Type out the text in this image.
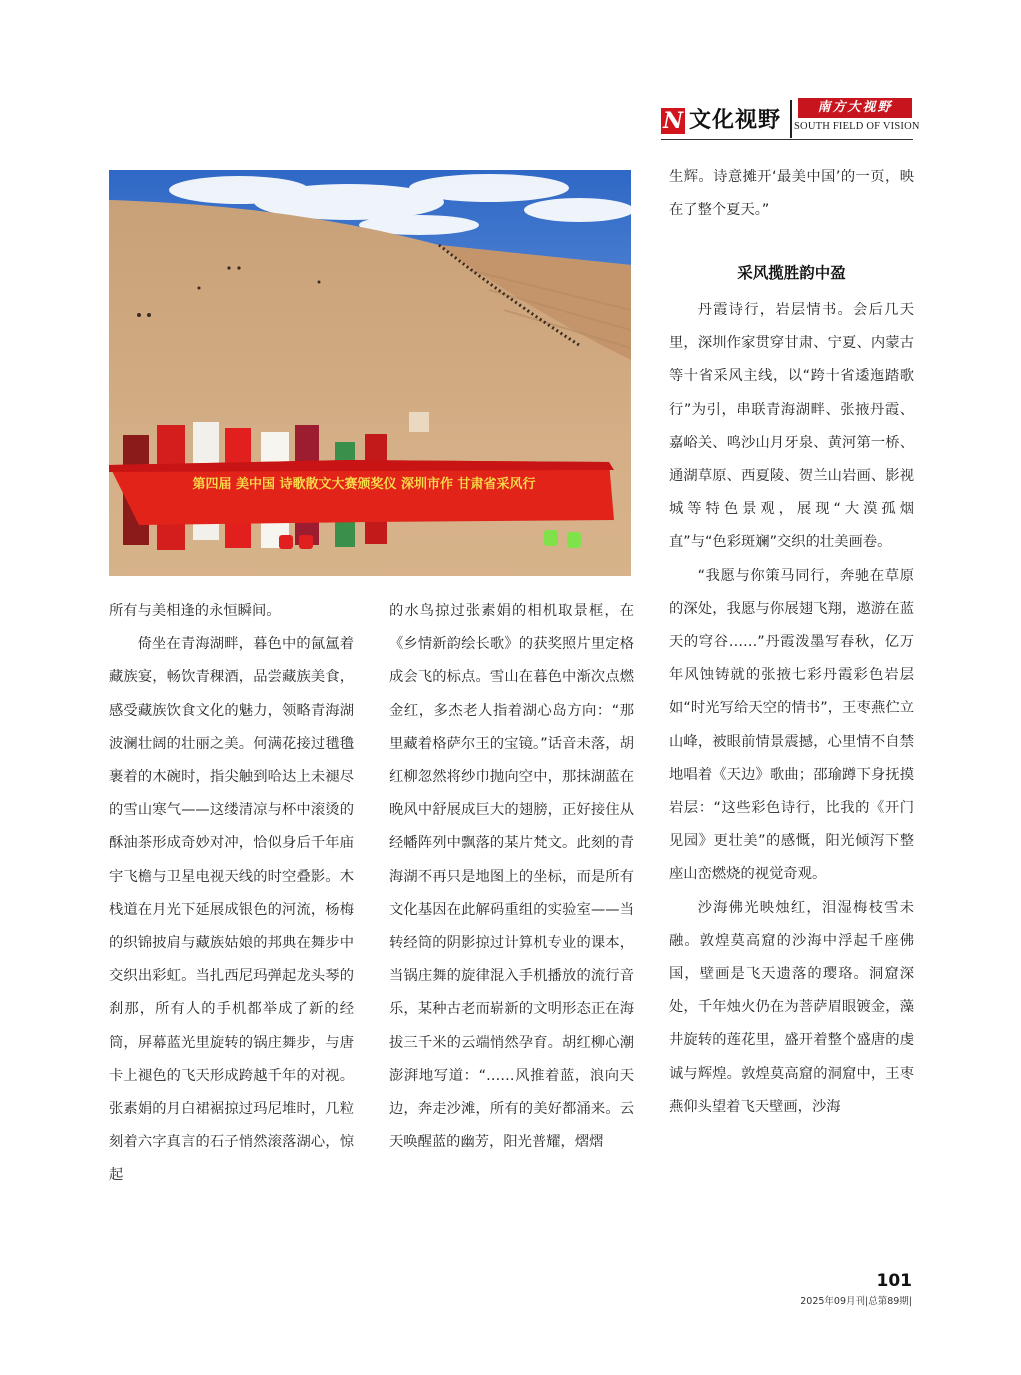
N 文化视野
南方大视野
SOUTH FIELD OF VISION
第四届 美中国 诗歌散文大赛颁奖仪 深圳市作 甘肃省采风行

所有与美相逢的永恒瞬间。

倚坐在青海湖畔，暮色中的氤氲着藏族宴，畅饮青稞酒，品尝藏族美食，感受藏族饮食文化的魅力，领略青海湖波澜壮阔的壮丽之美。何满花接过氆氇裹着的木碗时，指尖触到哈达上未褪尽的雪山寒气——这缕清凉与杯中滚烫的酥油茶形成奇妙对冲，恰似身后千年庙宇飞檐与卫星电视天线的时空叠影。木栈道在月光下延展成银色的河流，杨梅的织锦披肩与藏族姑娘的邦典在舞步中交织出彩虹。当扎西尼玛弹起龙头琴的刹那，所有人的手机都举成了新的经筒，屏幕蓝光里旋转的锅庄舞步，与唐卡上褪色的飞天形成跨越千年的对视。张素娟的月白裙裾掠过玛尼堆时，几粒刻着六字真言的石子悄然滚落湖心，惊起

的水鸟掠过张素娟的相机取景框，在《乡情新韵绘长歌》的获奖照片里定格成会飞的标点。雪山在暮色中渐次点燃金红，多杰老人指着湖心岛方向：“那里藏着格萨尔王的宝镜。”话音未落，胡红柳忽然将纱巾抛向空中，那抹湖蓝在晚风中舒展成巨大的翅膀，正好接住从经幡阵列中飘落的某片梵文。此刻的青海湖不再只是地图上的坐标，而是所有文化基因在此解码重组的实验室——当转经筒的阴影掠过计算机专业的课本，当锅庄舞的旋律混入手机播放的流行音乐，某种古老而崭新的文明形态正在海拔三千米的云端悄然孕育。胡红柳心潮澎湃地写道：“……风推着蓝，浪向天边，奔走沙滩，所有的美好都涌来。云天唤醒蓝的幽芳，阳光普耀，熠熠

生辉。诗意摊开‘最美中国’的一页，映在了整个夏天。”

采风揽胜韵中盈

丹霞诗行，岩层情书。会后几天里，深圳作家贯穿甘肃、宁夏、内蒙古等十省采风主线，以“跨十省逶迤踏歌行”为引，串联青海湖畔、张掖丹霞、嘉峪关、鸣沙山月牙泉、黄河第一桥、通湖草原、西夏陵、贺兰山岩画、影视城等特色景观，展现“大漠孤烟直”与“色彩斑斓”交织的壮美画卷。

“我愿与你策马同行，奔驰在草原的深处，我愿与你展翅飞翔，遨游在蓝天的穹谷……”丹霞泼墨写春秋，亿万年风蚀铸就的张掖七彩丹霞彩色岩层如“时光写给天空的情书”，王枣燕伫立山峰，被眼前情景震撼，心里情不自禁地唱着《天边》歌曲；邵瑜蹲下身抚摸岩层：“这些彩色诗行，比我的《开门见园》更壮美”的感慨，阳光倾泻下整座山峦燃烧的视觉奇观。

沙海佛光映烛红，泪湿梅枝雪未融。敦煌莫高窟的沙海中浮起千座佛国，壁画是飞天遗落的璎珞。洞窟深处，千年烛火仍在为菩萨眉眼镀金，藻井旋转的莲花里，盛开着整个盛唐的虔诚与辉煌。敦煌莫高窟的洞窟中，王枣燕仰头望着飞天壁画，沙海

101
2025年09月刊|总第89期|
